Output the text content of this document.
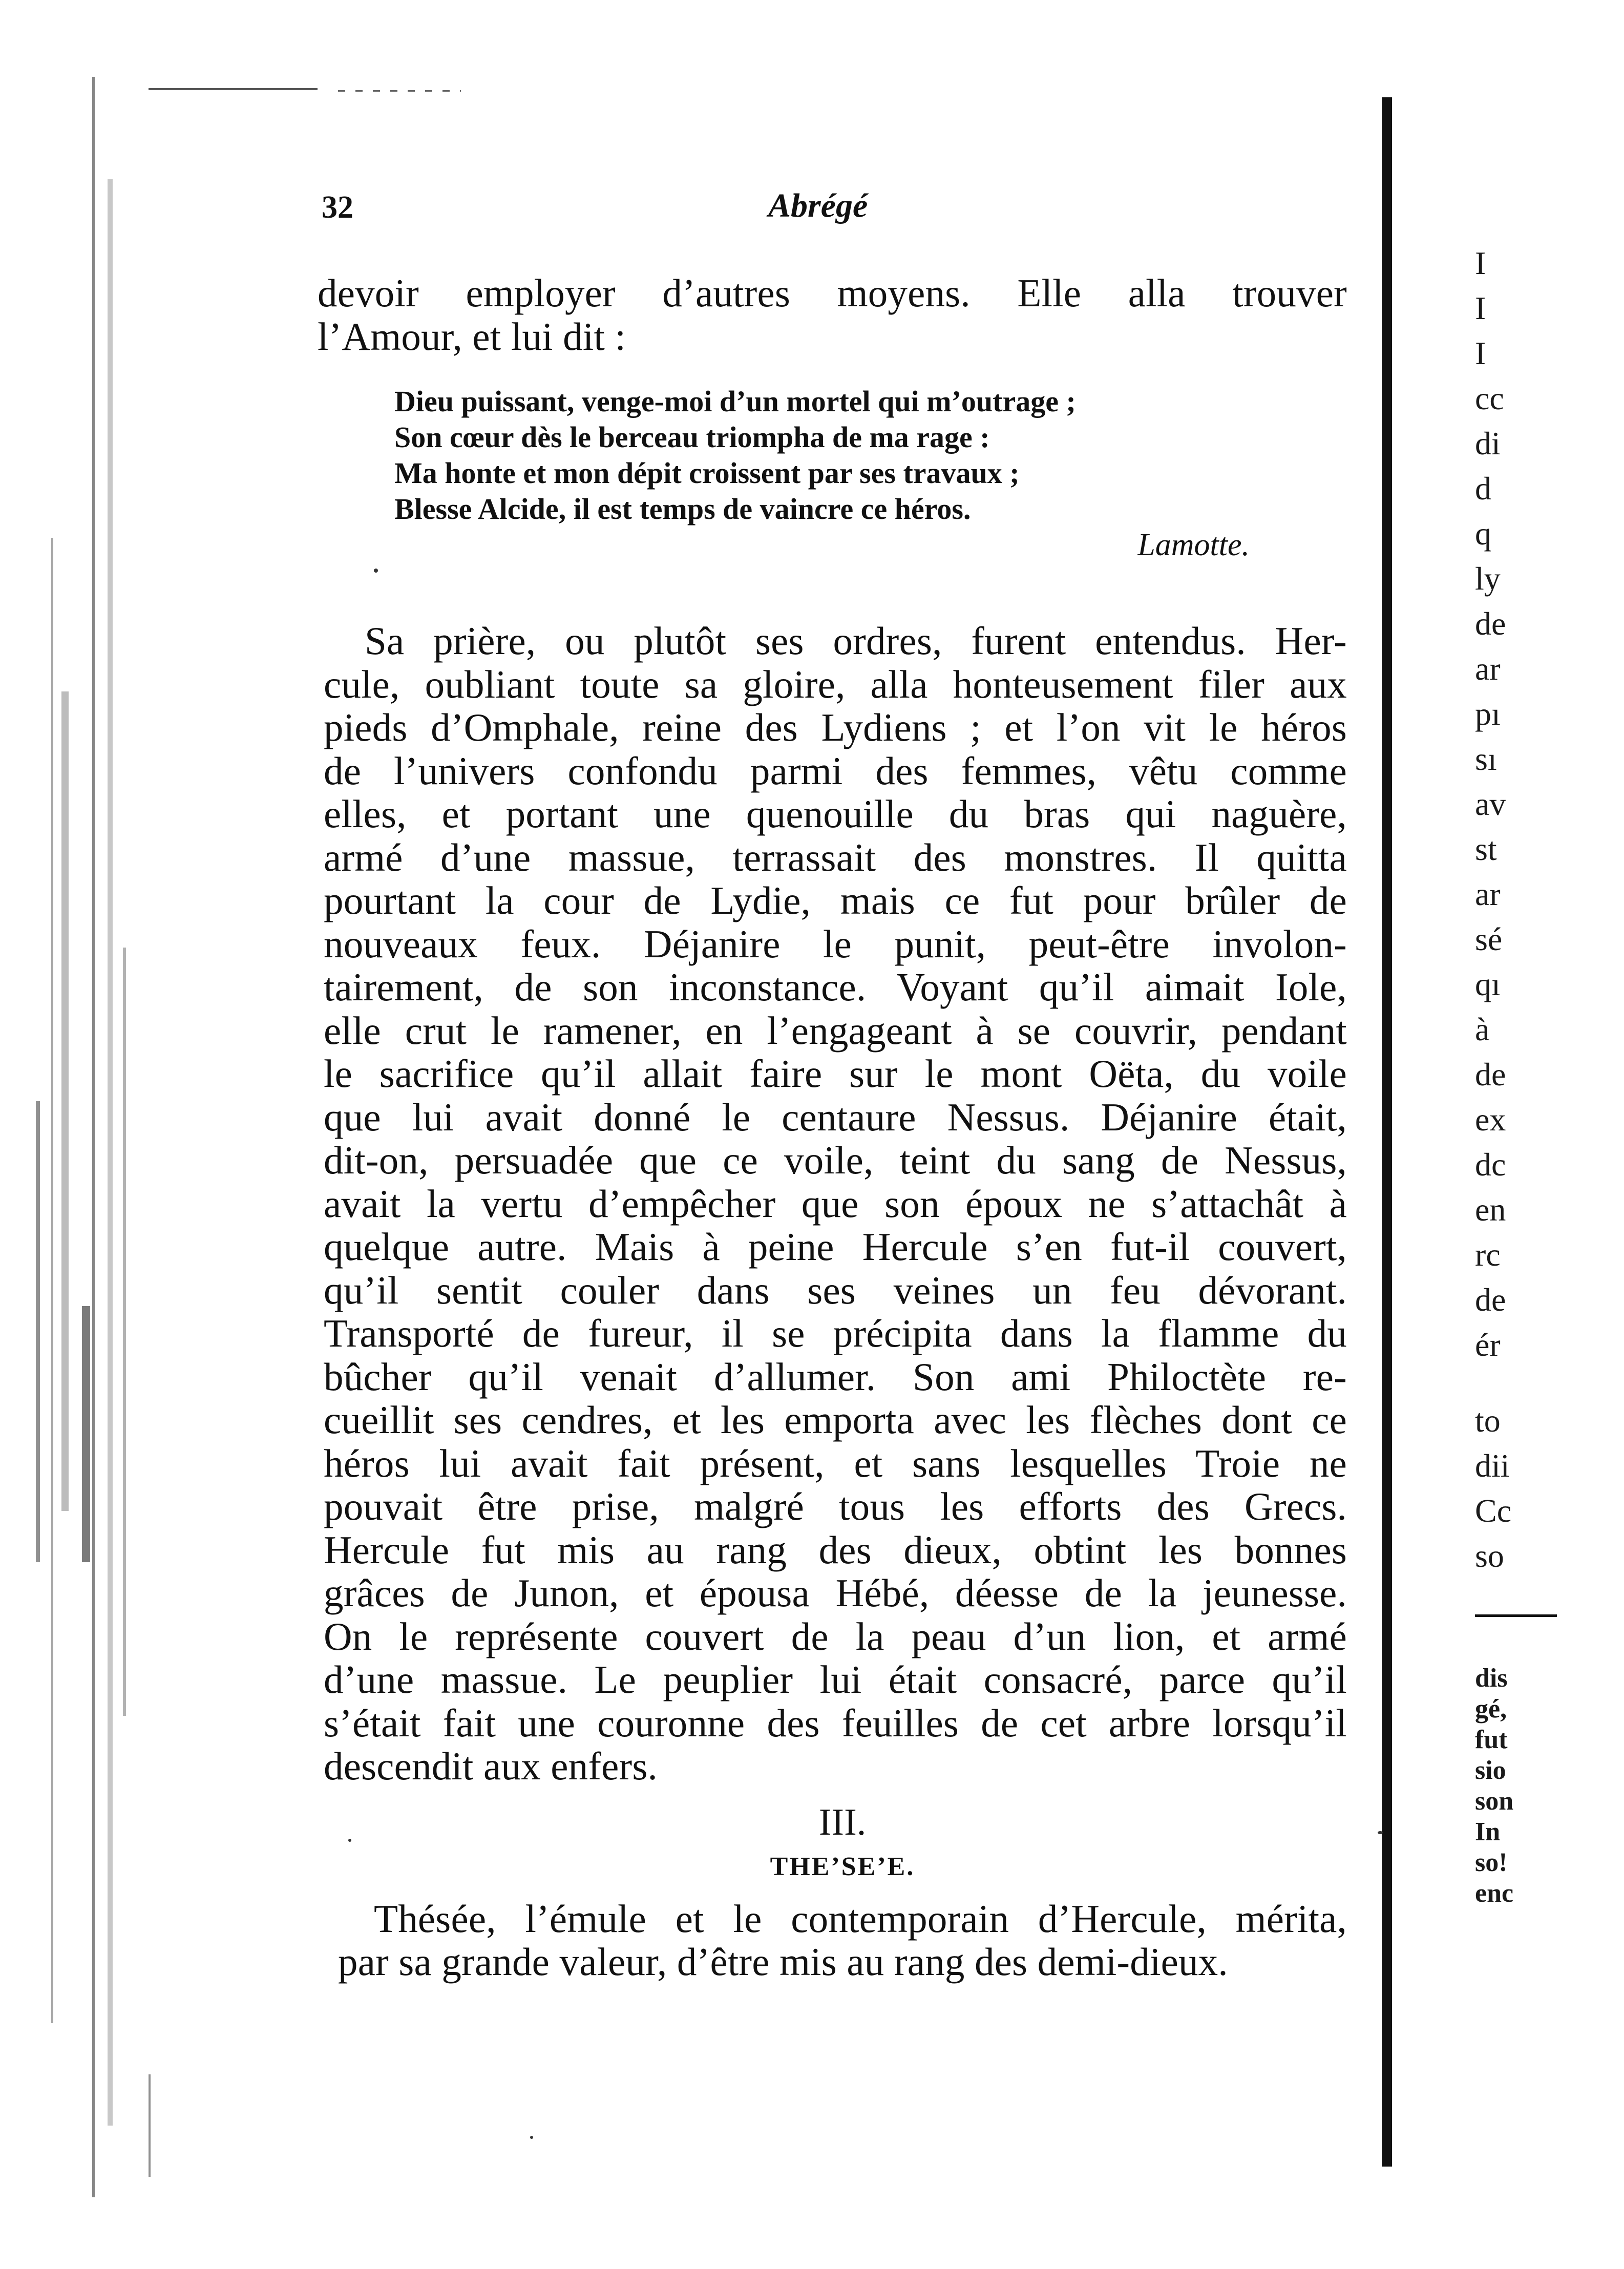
I
I
I
cc
di
d
q
ly
de
ar
pı
sı
av
st
ar
sé
qı
à
de
ex
dc
en
rc
de
ér
to
dii
Cc
so
dis
gé,
fut
sio
son
In
so!
enc
32	Abrégé
devoir employer d’autres moyens. Elle alla trouver
l’Amour, et lui dit :
Dieu puissant, venge-moi d’un mortel qui m’outrage ;
Son cœur dès le berceau triompha de ma rage :
Ma honte et mon dépit croissent par ses travaux ;
Blesse Alcide, il est temps de vaincre ce héros.
Lamotte.
Sa prière, ou plutôt ses ordres, furent entendus. Her-
cule, oubliant toute sa gloire, alla honteusement filer aux
pieds d’Omphale, reine des Lydiens ; et l’on vit le héros
de l’univers confondu parmi des femmes, vêtu comme
elles, et portant une quenouille du bras qui naguère,
armé d’une massue, terrassait des monstres. Il quitta
pourtant la cour de Lydie, mais ce fut pour brûler de
nouveaux feux. Déjanire le punit, peut-être involon-
tairement, de son inconstance. Voyant qu’il aimait Iole,
elle crut le ramener, en l’engageant à se couvrir, pendant
le sacrifice qu’il allait faire sur le mont Oëta, du voile
que lui avait donné le centaure Nessus. Déjanire était,
dit-on, persuadée que ce voile, teint du sang de Nessus,
avait la vertu d’empêcher que son époux ne s’attachât à
quelque autre. Mais à peine Hercule s’en fut-il couvert,
qu’il sentit couler dans ses veines un feu dévorant.
Transporté de fureur, il se précipita dans la flamme du
bûcher qu’il venait d’allumer. Son ami Philoctète re-
cueillit ses cendres, et les emporta avec les flèches dont ce
héros lui avait fait présent, et sans lesquelles Troie ne
pouvait être prise, malgré tous les efforts des Grecs.
Hercule fut mis au rang des dieux, obtint les bonnes
grâces de Junon, et épousa Hébé, déesse de la jeunesse.
On le représente couvert de la peau d’un lion, et armé
d’une massue. Le peuplier lui était consacré, parce qu’il
s’était fait une couronne des feuilles de cet arbre lorsqu’il
descendit aux enfers.
III.
THE’SE’E.
Thésée, l’émule et le contemporain d’Hercule, mérita,
par sa grande valeur, d’être mis au rang des demi-dieux.
